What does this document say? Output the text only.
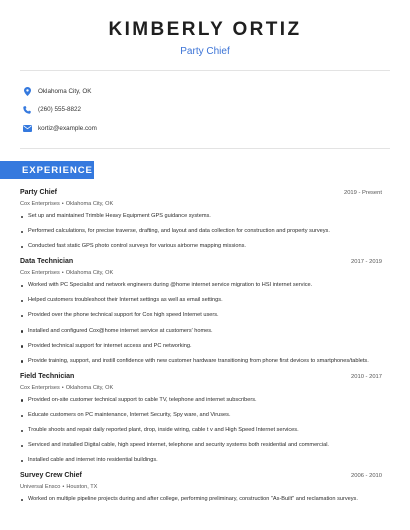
KIMBERLY ORTIZ
Party Chief
Oklahoma City, OK
(260) 555-8822
kortiz@example.com
EXPERIENCE
Party Chief	2019 - Present
Cox Enterprises • Oklahoma City, OK
Set up and maintained Trimble Heavy Equipment GPS guidance systems.
Performed calculations, for precise traverse, drafting, and layout and data collection for construction and property surveys.
Conducted fast static GPS photo control surveys for various airborne mapping missions.
Data Technician	2017 - 2019
Cox Enterprises • Oklahoma City, OK
Worked with PC Specialist and network engineers during @home internet service migration to HSI internet service.
Helped customers troubleshoot their Internet settings as well as email settings.
Provided over the phone technical support for Cox high speed Internet users.
Installed and configured Cox@home internet service at customers' homes.
Provided technical support for internet access and PC networking.
Provide training, support, and instill confidence with new customer hardware transitioning from phone first devices to smartphones/tablets.
Field Technician	2010 - 2017
Cox Enterprises • Oklahoma City, OK
Provided on-site customer technical support to cable TV, telephone and internet subscribers.
Educate customers on PC maintenance, Internet Security, Spy ware, and Viruses.
Trouble shoots and repair daily reported plant, drop, inside wiring, cable t v and High Speed Internet services.
Serviced and installed Digital cable, high speed internet, telephone and security systems both residential and commercial.
Installed cable and internet into residential buildings.
Survey Crew Chief	2006 - 2010
Universal Ensco • Houston, TX
Worked on multiple pipeline projects during and after college, performing preliminary, construction "As-Built" and reclamation surveys.
